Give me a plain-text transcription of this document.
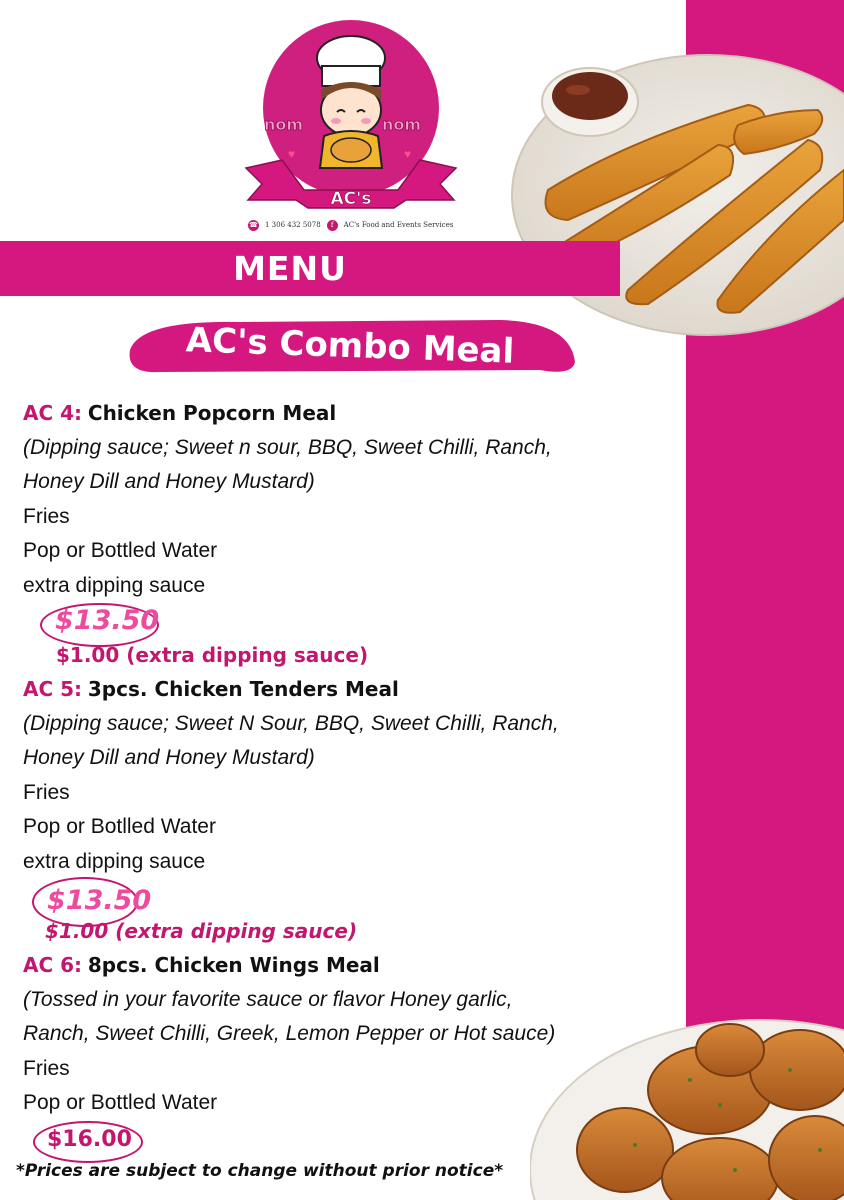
nom	nom
♥	♥
AC's
☎ 1 306 432 5078	f	AC's Food and Events Services
MENU
AC's Combo Meal
AC 4: Chicken Popcorn Meal
(Dipping sauce; Sweet n sour, BBQ, Sweet Chilli, Ranch,
Honey Dill and Honey Mustard)
Fries
Pop or Bottled Water
extra dipping sauce
$13.50
$1.00 (extra dipping sauce)
AC 5: 3pcs. Chicken Tenders Meal
(Dipping sauce; Sweet N Sour, BBQ, Sweet Chilli, Ranch,
Honey Dill and Honey Mustard)
Fries
Pop or Botlled Water
extra dipping sauce
$13.50
$1.00 (extra dipping sauce)
AC 6: 8pcs. Chicken Wings Meal
(Tossed in your favorite sauce or flavor Honey garlic,
Ranch, Sweet Chilli, Greek, Lemon Pepper or Hot sauce)
Fries
Pop or Bottled Water
$16.00
*Prices are subject to change without prior notice*
